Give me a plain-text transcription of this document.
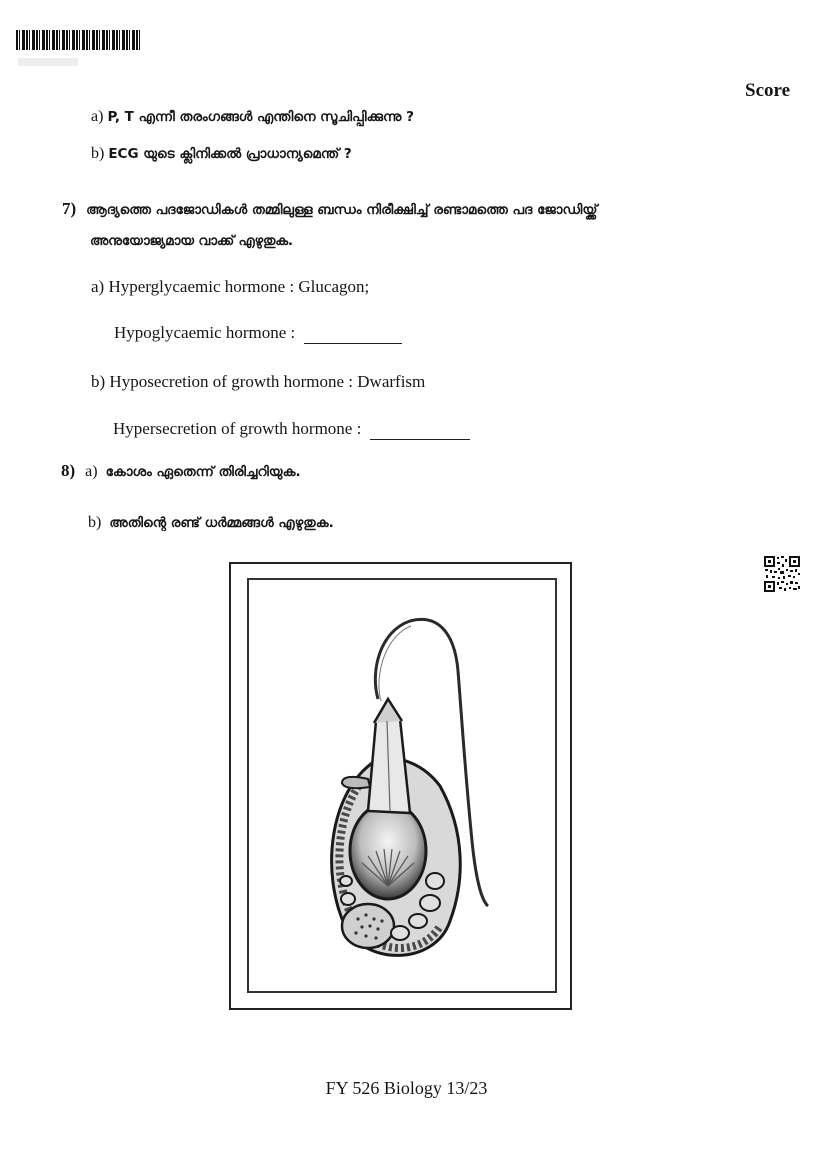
Score
a) P, T എന്നീ തരംഗങ്ങൾ എന്തിനെ സൂചിപ്പിക്കുന്നു ?
b) ECG യുടെ ക്ലിനിക്കൽ പ്രാധാന്യമെന്ത് ?
7) ആദ്യത്തെ പദജോഡികൾ തമ്മിലുള്ള ബന്ധം നിരീക്ഷിച്ച് രണ്ടാമത്തെ പദ ജോഡിയ്ക്ക്
അനുയോജ്യമായ വാക്ക് എഴുതുക.
a) Hyperglycaemic hormone : Glucagon;
Hypoglycaemic hormone :
b) Hyposecretion of growth hormone : Dwarfism
Hypersecretion of growth hormone :
8) a) കോശം ഏതെന്ന് തിരിച്ചറിയുക.
b) അതിന്റെ രണ്ട് ധർമ്മങ്ങൾ എഴുതുക.
FY 526 Biology 13/23
